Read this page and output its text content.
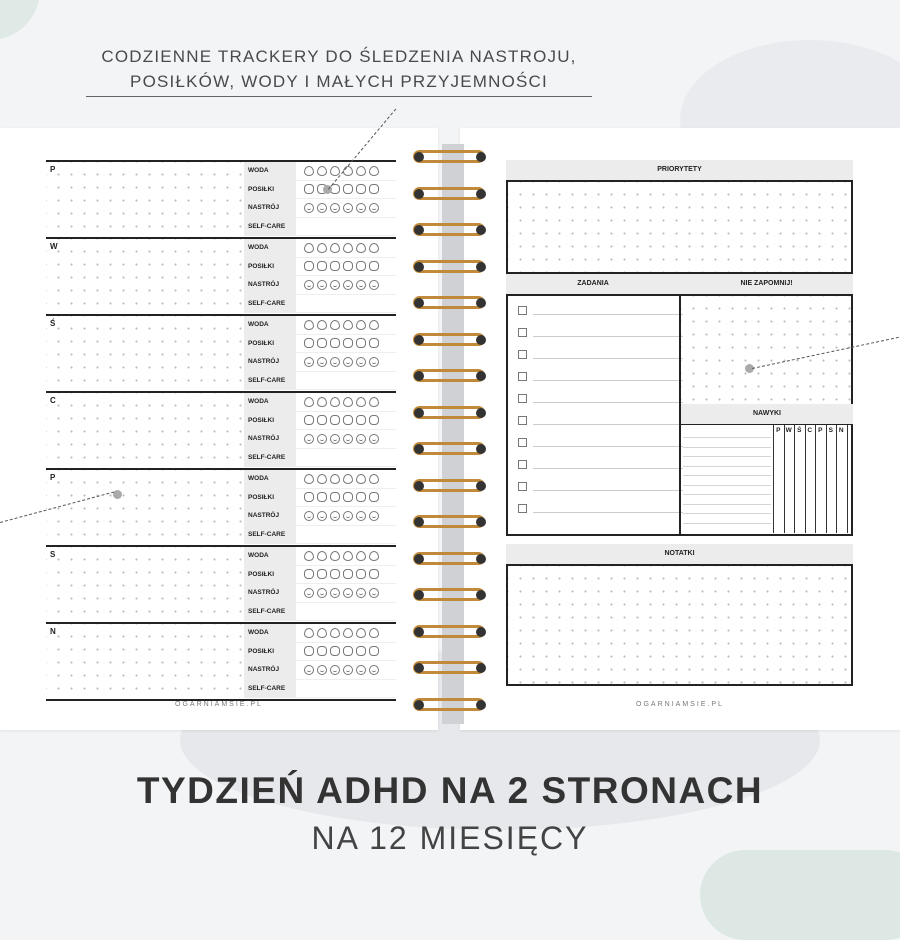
CODZIENNE TRACKERY DO ŚLEDZENIA NASTROJU,
POSIŁKÓW, WODY I MAŁYCH PRZYJEMNOŚCI
P	WODA
POSIŁKI
NASTRÓJ
SELF-CARE
W	WODA
POSIŁKI
NASTRÓJ
SELF-CARE
Ś	WODA
POSIŁKI
NASTRÓJ
SELF-CARE
C	WODA
POSIŁKI
NASTRÓJ
SELF-CARE
P	WODA
POSIŁKI
NASTRÓJ
SELF-CARE
S	WODA
POSIŁKI
NASTRÓJ
SELF-CARE
N	WODA
POSIŁKI
NASTRÓJ
SELF-CARE
OGARNIAMSIE.PL
PRIORYTETY
ZADANIA	NIE ZAPOMNIJ!
NAWYKI
P W Ś C P S N
NOTATKI
OGARNIAMSIE.PL
TYDZIEŃ ADHD NA 2 STRONACH
NA 12 MIESIĘCY
